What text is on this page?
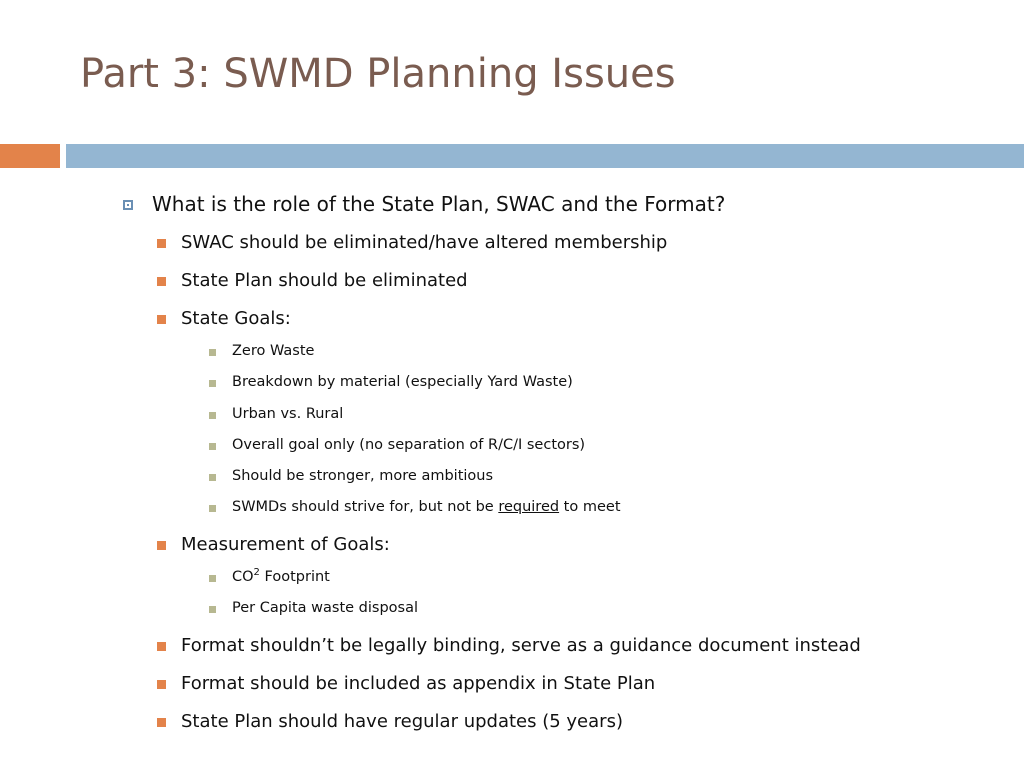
Part 3: SWMD Planning Issues
What is the role of the State Plan, SWAC and the Format?
SWAC should be eliminated/have altered membership
State Plan should be eliminated
State Goals:
Zero Waste
Breakdown by material (especially Yard Waste)
Urban vs. Rural
Overall goal only (no separation of R/C/I sectors)
Should be stronger, more ambitious
SWMDs should strive for, but not be required to meet
Measurement of Goals:
$CO^2$ Footprint
Per Capita waste disposal
Format shouldn’t be legally binding, serve as a guidance document instead
Format should be included as appendix in State Plan
State Plan should have regular updates (5 years)
